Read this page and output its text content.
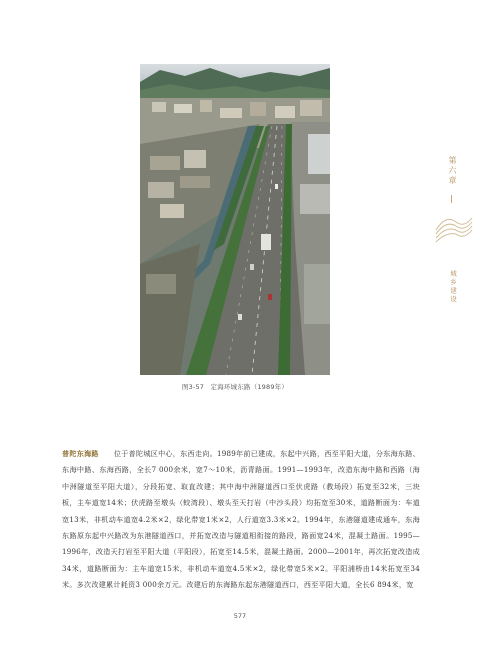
图3-57 定海环城东路（1989年）
第六章
城乡建设
普陀东海路 位于普陀城区中心，东西走向。1989年前已建成，东起中兴路，西至平阳大道，分东海东路、东海中路、东海西路，全长7 000余米，宽7～10米，沥青路面。1991—1993年，改造东海中路和西路（海中洲隧道至平阳大道），分段拓宽、取直改建；其中海中洲隧道西口至伏虎路（教场段）拓宽至32米，三块板，主车道宽14米；伏虎路至墩头（蛟湾段）、墩头至天打岩（中沙头段）均拓宽至30米，道路断面为：车道宽13米，非机动车道宽4.2米×2，绿化带宽1米×2，人行道宽3.3米×2。1994年，东港隧道建成通车，东海东路原东起中兴路改为东港隧道西口，并拓宽改造与隧道相衔接的路段，路面宽24米，混凝土路面。1995—1996年，改造天打岩至平阳大道（平阳段），拓宽至14.5米，混凝土路面。2000—2001年，再次拓宽改造成34米，道路断面为：主车道宽15米，非机动车道宽4.5米×2，绿化带宽5米×2。平阳浦桥由14米拓宽至34米。多次改建累计耗资3 000余万元。改建后的东海路东起东港隧道西口，西至平阳大道，全长6 894米，宽
577
